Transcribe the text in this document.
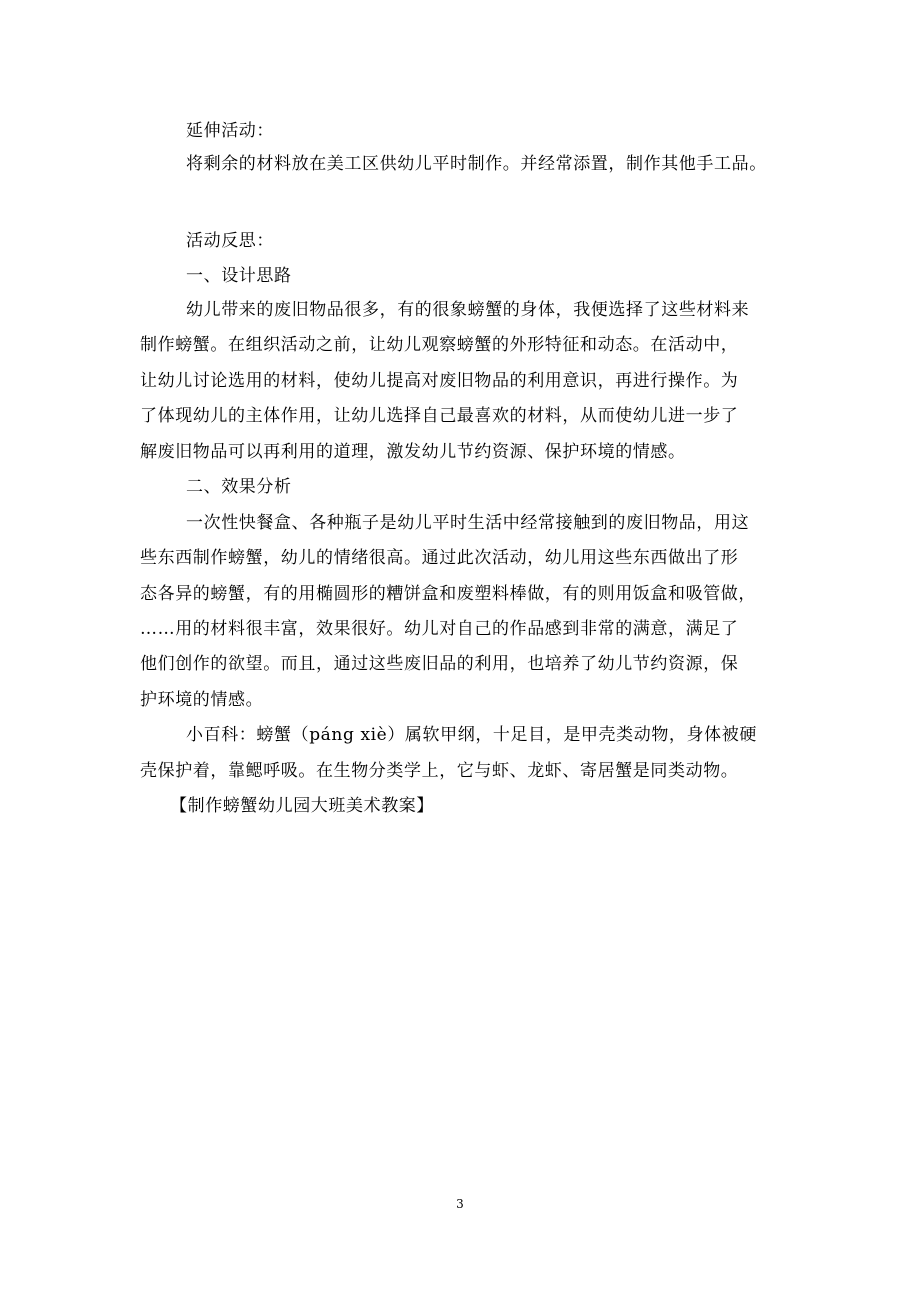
延伸活动：
将剩余的材料放在美工区供幼儿平时制作。并经常添置，制作其他手工品。
活动反思：
一、设计思路
幼儿带来的废旧物品很多，有的很象螃蟹的身体，我便选择了这些材料来
制作螃蟹。在组织活动之前，让幼儿观察螃蟹的外形特征和动态。在活动中，
让幼儿讨论选用的材料，使幼儿提高对废旧物品的利用意识，再进行操作。为
了体现幼儿的主体作用，让幼儿选择自己最喜欢的材料，从而使幼儿进一步了
解废旧物品可以再利用的道理，激发幼儿节约资源、保护环境的情感。
二、效果分析
一次性快餐盒、各种瓶子是幼儿平时生活中经常接触到的废旧物品，用这
些东西制作螃蟹，幼儿的情绪很高。通过此次活动，幼儿用这些东西做出了形
态各异的螃蟹，有的用椭圆形的糟饼盒和废塑料棒做，有的则用饭盒和吸管做，
……用的材料很丰富，效果很好。幼儿对自己的作品感到非常的满意，满足了
他们创作的欲望。而且，通过这些废旧品的利用，也培养了幼儿节约资源，保
护环境的情感。
小百科：螃蟹（páng xiè）属软甲纲，十足目，是甲壳类动物，身体被硬
壳保护着，靠鳃呼吸。在生物分类学上，它与虾、龙虾、寄居蟹是同类动物。
【制作螃蟹幼儿园大班美术教案】
3
